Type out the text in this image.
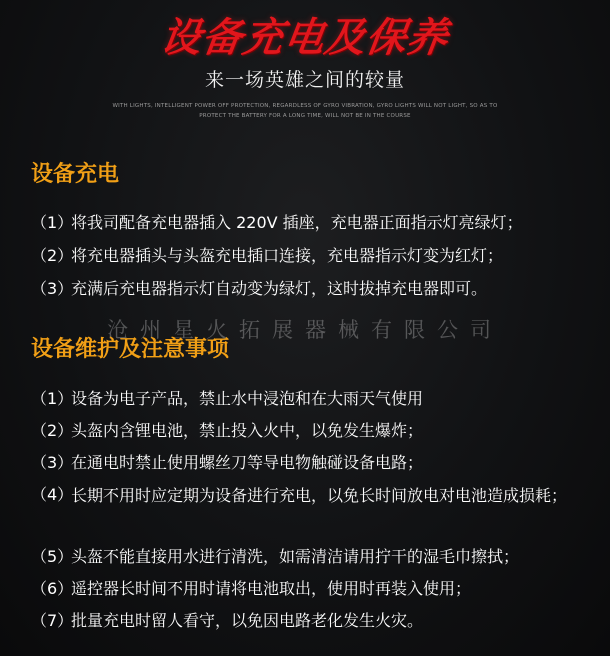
设备充电及保养
来一场英雄之间的较量
WITH LIGHTS, INTELLIGENT POWER OFF PROTECTION, REGARDLESS OF GYRO VIBRATION, GYRO LIGHTS WILL NOT LIGHT, SO AS TO
PROTECT THE BATTERY FOR A LONG TIME, WILL NOT BE IN THE COURSE
设备充电
（1）
将我司配备充电器插入 220V 插座，充电器正面指示灯亮绿灯；
（2）
将充电器插头与头盔充电插口连接，充电器指示灯变为红灯；
（3）
充满后充电器指示灯自动变为绿灯，这时拔掉充电器即可。
沧州星火拓展器械有限公司
设备维护及注意事项
（1）
设备为电子产品，禁止水中浸泡和在大雨天气使用
（2）
头盔内含锂电池，禁止投入火中，以免发生爆炸；
（3）
在通电时禁止使用螺丝刀等导电物触碰设备电路；
（4）
长期不用时应定期为设备进行充电，以免长时间放电对电池造成损耗；
（5）
头盔不能直接用水进行清洗，如需清洁请用拧干的湿毛巾擦拭；
（6）
遥控器长时间不用时请将电池取出，使用时再装入使用；
（7）
批量充电时留人看守，以免因电路老化发生火灾。
